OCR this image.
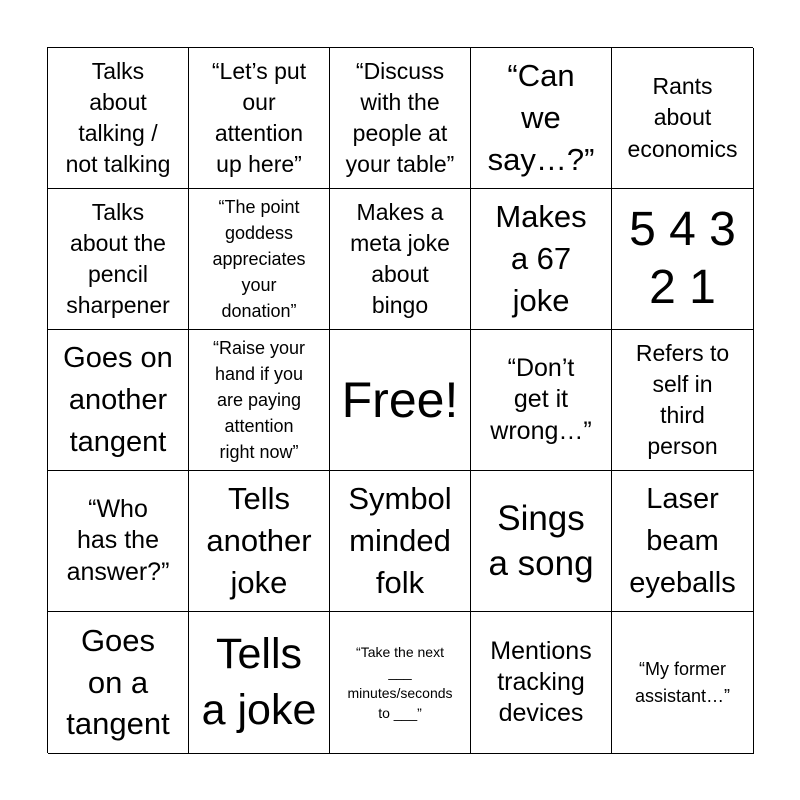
Talks
about
talking /
not talking
“Let’s put
our
attention
up here”
“Discuss
with the
people at
your table”
“Can
we
say…?”
Rants
about
economics
Talks
about the
pencil
sharpener
“The point
goddess
appreciates
your
donation”
Makes a
meta joke
about
bingo
Makes
a 67
joke
5 4 3
2 1
Goes on
another
tangent
“Raise your
hand if you
are paying
attention
right now”
Free!
“Don’t
get it
wrong…”
Refers to
self in
third
person
“Who
has the
answer?”
Tells
another
joke
Symbol
minded
folk
Sings
a song
Laser
beam
eyeballs
Goes
on a
tangent
Tells
a joke
“Take the next
___
minutes/seconds
to ___”
Mentions
tracking
devices
“My former
assistant…”
